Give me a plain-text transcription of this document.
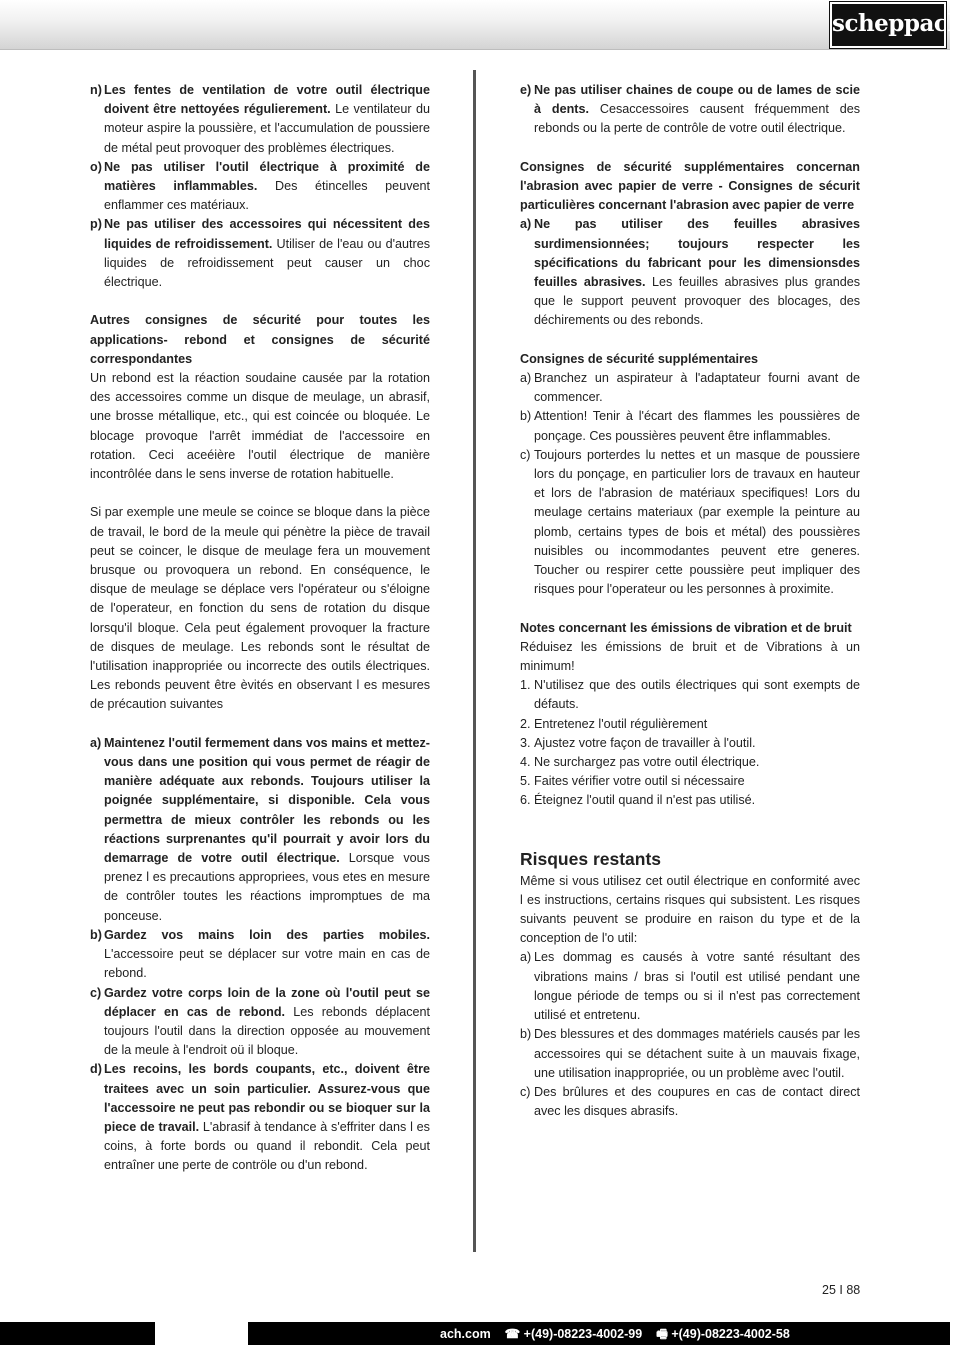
scheppach
n) Les fentes de ventilation de votre outil électrique doivent être nettoyées régulierement. Le ventilateur du moteur aspire la poussière, et l'accumulation de poussiere de métal peut provoquer des problèmes électriques.
o) Ne pas utiliser l'outil électrique à proximité de matières inflammables. Des étincelles peuvent enflammer ces matériaux.
p) Ne pas utiliser des accessoires qui nécessitent des liquides de refroidissement. Utiliser de l'eau ou d'autres liquides de refroidissement peut causer un choc électrique.
Autres consignes de sécurité pour toutes les applications- rebond et consignes de sécurité correspondantes
Un rebond est la réaction soudaine causée par la rotation des accessoires comme un disque de meulage, un abrasif, une brosse métallique, etc., qui est coincée ou bloquée. Le blocage provoque l'arrêt immédiat de l'accessoire en rotation. Ceci aceéière l'outil électrique de manière incontrôlée dans le sens inverse de rotation habituelle.
Si par exemple une meule se coince se bloque dans la pièce de travail, le bord de la meule qui pénètre la pièce de travail peut se coincer, le disque de meulage fera un mouvement brusque ou provoquera un rebond. En conséquence, le disque de meulage se déplace vers l'opérateur ou s'éloigne de l'operateur, en fonction du sens de rotation du disque lorsqu'il bloque. Cela peut également provoquer la fracture de disques de meulage. Les rebonds sont le résultat de l'utilisation inappropriée ou incorrecte des outils électriques. Les rebonds peuvent être èvités en observant l es mesures de précaution suivantes
a) Maintenez l'outil fermement dans vos mains et mettez-vous dans une position qui vous permet de réagir de manière adéquate aux rebonds. Toujours utiliser la poignée supplémentaire, si disponible. Cela vous permettra de mieux contrôler les rebonds ou les réactions surprenantes qu'il pourrait y avoir lors du demarrage de votre outil électrique. Lorsque vous prenez l es precautions appropriees, vous etes en mesure de contrôler toutes les réactions impromptues de ma ponceuse.
b) Gardez vos mains loin des parties mobiles. L'accessoire peut se déplacer sur votre main en cas de rebond.
c) Gardez votre corps loin de la zone où l'outil peut se déplacer en cas de rebond. Les rebonds déplacent toujours l'outil dans la direction opposée au mouvement de la meule à l'endroit oü il bloque.
d) Les recoins, les bords coupants, etc., doivent être traitees avec un soin particulier. Assurez-vous que l'accessoire ne peut pas rebondir ou se bioquer sur la piece de travail. L'abrasif à tendance à s'effriter dans l es coins, à forte bords ou quand il rebondit. Cela peut entraîner une perte de contröle ou d'un rebond.
e) Ne pas utiliser chaines de coupe ou de lames de scie à dents. Cesaccessoires causent fréquemment des rebonds ou la perte de contrôle de votre outil électrique.
Consignes de sécurité supplémentaires concernan l'abrasion avec papier de verre - Consignes de sécurit particulières concernant l'abrasion avec papier de verre
a) Ne pas utiliser des feuilles abrasives surdimensionnées; toujours respecter les spécifications du fabricant pour les dimensionsdes feuilles abrasives. Les feuilles abrasives plus grandes que le support peuvent provoquer des blocages, des déchirements ou des rebonds.
Consignes de sécurité supplémentaires
a) Branchez un aspirateur à l'adaptateur fourni avant de commencer.
b) Attention! Tenir à l'écart des flammes les poussières de ponçage. Ces poussières peuvent être inflammables.
c) Toujours porterdes lu nettes et un masque de poussiere lors du ponçage, en particulier lors de travaux en hauteur et lors de l'abrasion de matériaux specifiques! Lors du meulage certains materiaux (par exemple la peinture au plomb, certains types de bois et métal) des poussières nuisibles ou incommodantes peuvent etre generes. Toucher ou respirer cette poussière peut impliquer des risques pour l'operateur ou les personnes à proximite.
Notes concernant les émissions de vibration et de bruit
Réduisez les émissions de bruit et de Vibrations à un minimum!
1. N'utilisez que des outils électriques qui sont exempts de défauts.
2. Entretenez l'outil régulièrement
3. Ajustez votre façon de travailler à l'outil.
4. Ne surchargez pas votre outil électrique.
5. Faites vérifier votre outil si nécessaire
6. Éteignez l'outil quand il n'est pas utilisé.
Risques restants
Même si vous utilisez cet outil électrique en conformité avec l es instructions, certains risques qui subsistent. Les risques suivants peuvent se produire en raison du type et de la conception de l'o util:
a) Les dommag es causés à votre santé résultant des vibrations mains / bras si l'outil est utilisé pendant une longue période de temps ou si il n'est pas correctement utilisé et entretenu.
b) Des blessures et des dommages matériels causés par les accessoires qui se détachent suite à un mauvais fixage, une utilisation inappropriée, ou un problème avec l'outil.
c) Des brûlures et des coupures en cas de contact direct avec les disques abrasifs.
25 I 88
ach.com ☎ +(49)-08223-4002-99 🖷 +(49)-08223-4002-58
